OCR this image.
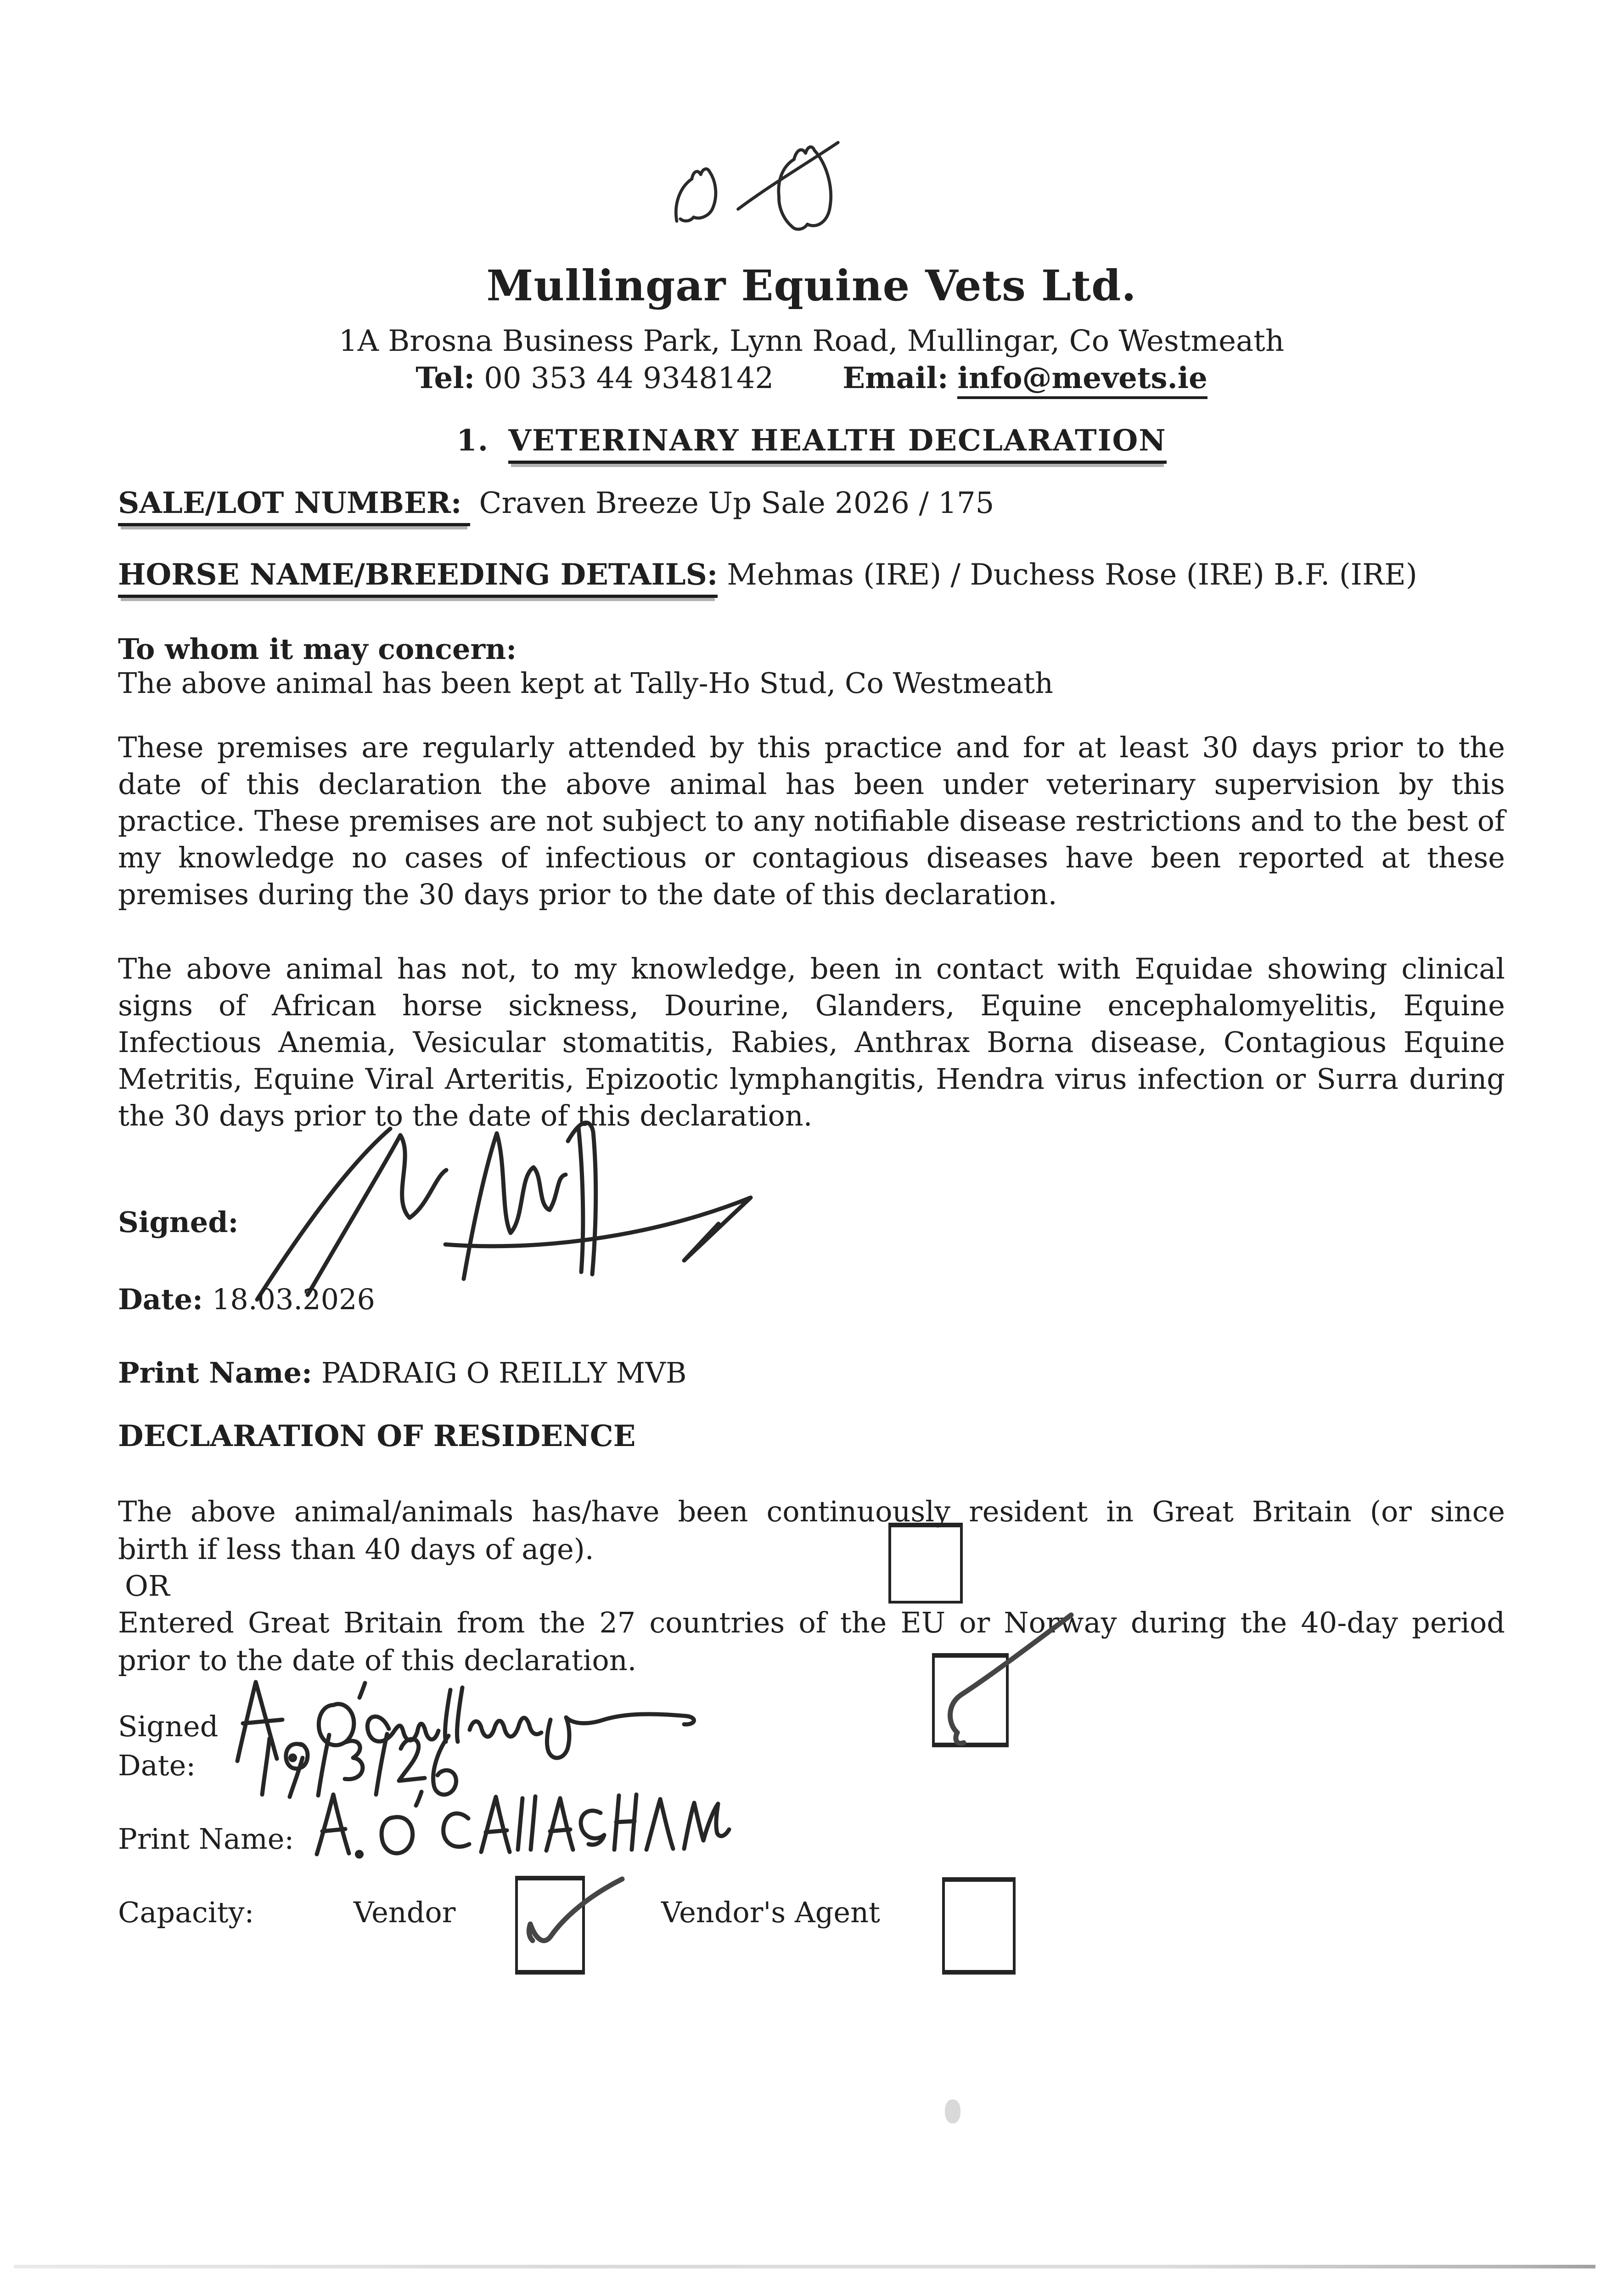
Mullingar Equine Vets Ltd.
1A Brosna Business Park, Lynn Road, Mullingar, Co Westmeath
Tel: 00 353 44 9348142 Email: info@mevets.ie
1. VETERINARY HEALTH DECLARATION
SALE/LOT NUMBER: Craven Breeze Up Sale 2026 / 175
HORSE NAME/BREEDING DETAILS: Mehmas (IRE) / Duchess Rose (IRE) B.F. (IRE)
To whom it may concern:
The above animal has been kept at Tally-Ho Stud, Co Westmeath
These premises are regularly attended by this practice and for at least 30 days prior to the date of this declaration the above animal has been under veterinary supervision by this practice. These premises are not subject to any notifiable disease restrictions and to the best of my knowledge no cases of infectious or contagious diseases have been reported at these premises during the 30 days prior to the date of this declaration.
The above animal has not, to my knowledge, been in contact with Equidae showing clinical signs of African horse sickness, Dourine, Glanders, Equine encephalomyelitis, Equine Infectious Anemia, Vesicular stomatitis, Rabies, Anthrax Borna disease, Contagious Equine Metritis, Equine Viral Arteritis, Epizootic lymphangitis, Hendra virus infection or Surra during the 30 days prior to the date of this declaration.
Signed:
Date: 18.03.2026
Print Name: PADRAIG O REILLY MVB
DECLARATION OF RESIDENCE
The above animal/animals has/have been continuously resident in Great Britain (or since
birth if less than 40 days of age).
OR
Entered Great Britain from the 27 countries of the EU or Norway during the 40-day period
prior to the date of this declaration.
Signed
Date:
Print Name:
Capacity:	Vendor	Vendor's Agent
